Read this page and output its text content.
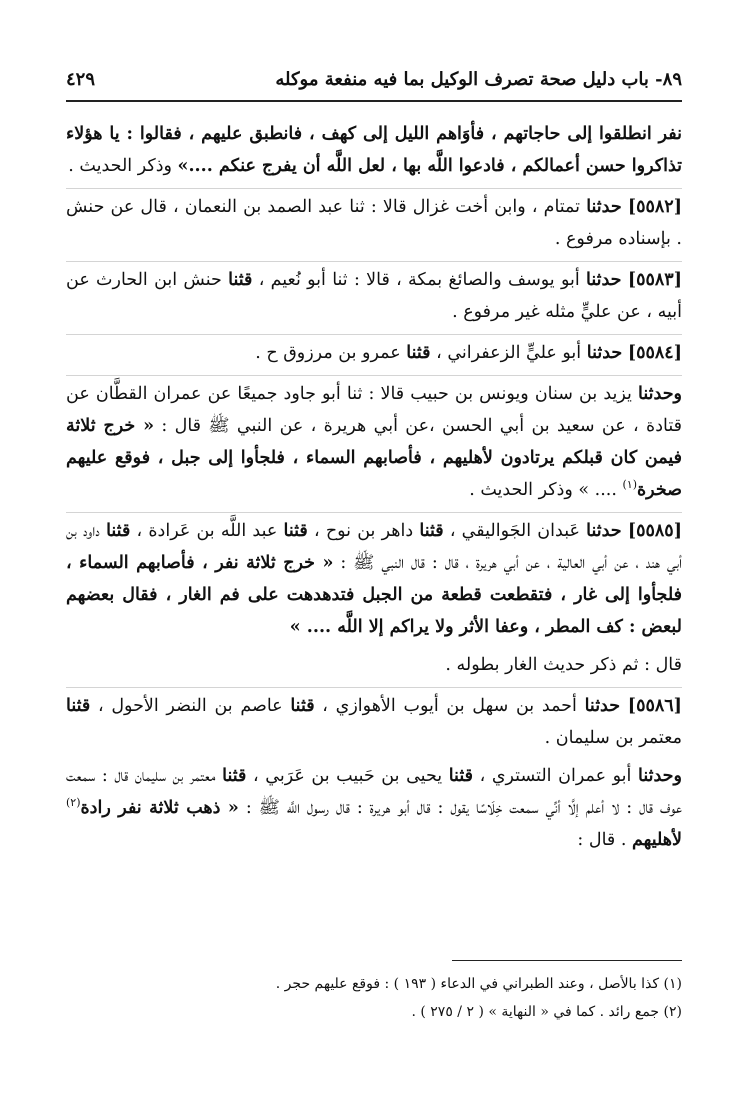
٨٩- باب دليل صحة تصرف الوكيل بما فيه منفعة موكله
٤٢٩

نفر انطلقوا إلى حاجاتهم ، فأوَاهم الليل إلى كهف ، فانطبق عليهم ، فقالوا : يا هؤلاء تذاكروا حسن أعمالكم ، فادعوا اللَّه بها ، لعل اللَّه أن يفرج عنكم ....» وذكر الحديث .

[٥٥٨٢] حدثنا تمتام ، وابن أخت غزال قالا : ثنا عبد الصمد بن النعمان ، قال عن حنش . بإسناده مرفوع .

[٥٥٨٣] حدثنا أبو يوسف والصائغ بمكة ، قالا : ثنا أبو نُعيم ، قثنا حنش ابن الحارث عن أبيه ، عن عليٍّ مثله غير مرفوع .

[٥٥٨٤] حدثنا أبو عليٍّ الزعفراني ، قثنا عمرو بن مرزوق ح .

وحدثنا يزيد بن سنان ويونس بن حبيب قالا : ثنا أبو جاود جميعًا عن عمران القطَّان عن قتادة ، عن سعيد بن أبي الحسن ،عن أبي هريرة ، عن النبي ﷺ قال : « خرج ثلاثة فيمن كان قبلكم يرتادون لأهليهم ، فأصابهم السماء ، فلجأوا إلى جبل ، فوقع عليهم صخرة$^{(١)}$ .... » وذكر الحديث .

[٥٥٨٥] حدثنا عَبدان الجَواليقي ، قثنا داهر بن نوح ، قثنا عبد اللَّه بن عَرادة ، قثنا داود بن أبي هند ، عن أبي العالية ، عن أبي هريرة ، قال : قال النبي ﷺ : « خرج ثلاثة نفر ، فأصابهم السماء ، فلجأوا إلى غار ، فتقطعت قطعة من الجبل فتدهدهت على فم الغار ، فقال بعضهم لبعض : كف المطر ، وعفا الأثر ولا يراكم إلا اللَّه .... »

قال : ثم ذكر حديث الغار بطوله .

[٥٥٨٦] حدثنا أحمد بن سهل بن أيوب الأهوازي ، قثنا عاصم بن النضر الأحول ، قثنا معتمر بن سليمان .

وحدثنا أبو عمران التستري ، قثنا يحيى بن حَبيب بن عَرَبي ، قثنا معتمر بن سليمان قال : سمعت عوف قال : لا أعلم إلَّا أنِّي سمعت خِلَاسًا يقول : قال أبو هريرة : قال رسول اللَّه ﷺ : « ذهب ثلاثة نفر رادة$^{(٢)}$ لأهليهم . قال :

(١) كذا بالأصل ، وعند الطبراني في الدعاء ( ١٩٣ ) : فوقع عليهم حجر .

(٢) جمع رائد . كما في « النهاية » ( ٢ / ٢٧٥ ) .
